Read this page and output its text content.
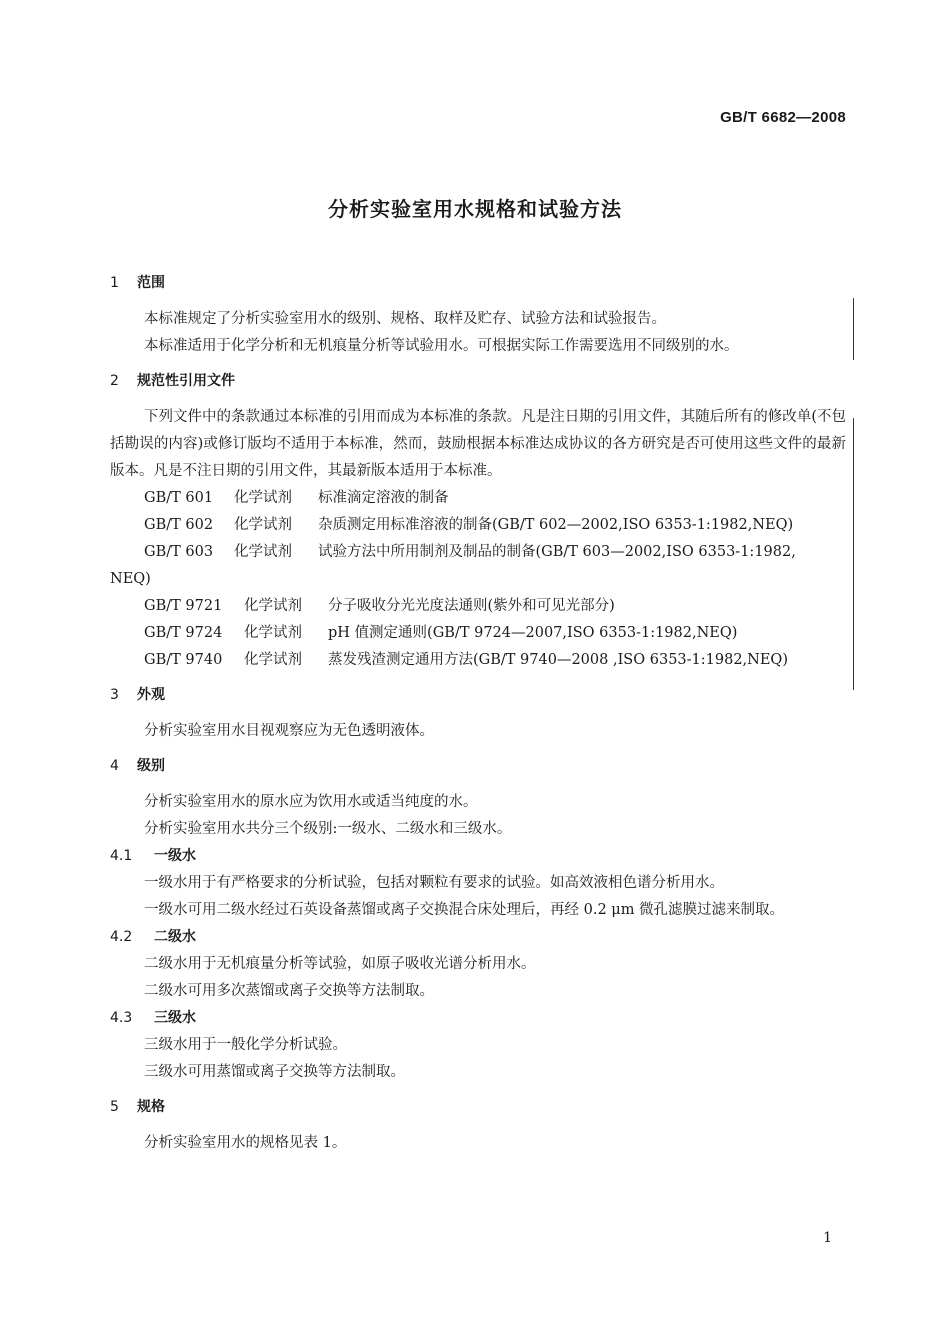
GB/T 6682—2008
分析实验室用水规格和试验方法
1 范围

本标准规定了分析实验室用水的级别、规格、取样及贮存、试验方法和试验报告。

本标准适用于化学分析和无机痕量分析等试验用水。可根据实际工作需要选用不同级别的水。

2 规范性引用文件

下列文件中的条款通过本标准的引用而成为本标准的条款。凡是注日期的引用文件，其随后所有的修改单(不包括勘误的内容)或修订版均不适用于本标准，然而，鼓励根据本标准达成协议的各方研究是否可使用这些文件的最新版本。凡是不注日期的引用文件，其最新版本适用于本标准。

GB/T 601 化学试剂 标准滴定溶液的制备
GB/T 602 化学试剂 杂质测定用标准溶液的制备(GB/T 602—2002,ISO 6353-1:1982,NEQ)
GB/T 603 化学试剂 试验方法中所用制剂及制品的制备(GB/T 603—2002,ISO 6353-1:1982,
NEQ)
GB/T 9721 化学试剂 分子吸收分光光度法通则(紫外和可见光部分)
GB/T 9724 化学试剂 pH 值测定通则(GB/T 9724—2007,ISO 6353-1:1982,NEQ)
GB/T 9740 化学试剂 蒸发残渣测定通用方法(GB/T 9740—2008 ,ISO 6353-1:1982,NEQ)
3 外观

分析实验室用水目视观察应为无色透明液体。

4 级别

分析实验室用水的原水应为饮用水或适当纯度的水。

分析实验室用水共分三个级别:一级水、二级水和三级水。

4.1 一级水

一级水用于有严格要求的分析试验，包括对颗粒有要求的试验。如高效液相色谱分析用水。

一级水可用二级水经过石英设备蒸馏或离子交换混合床处理后，再经 0.2 μm 微孔滤膜过滤来制取。

4.2 二级水

二级水用于无机痕量分析等试验，如原子吸收光谱分析用水。

二级水可用多次蒸馏或离子交换等方法制取。

4.3 三级水

三级水用于一般化学分析试验。

三级水可用蒸馏或离子交换等方法制取。

5 规格

分析实验室用水的规格见表 1。

1
